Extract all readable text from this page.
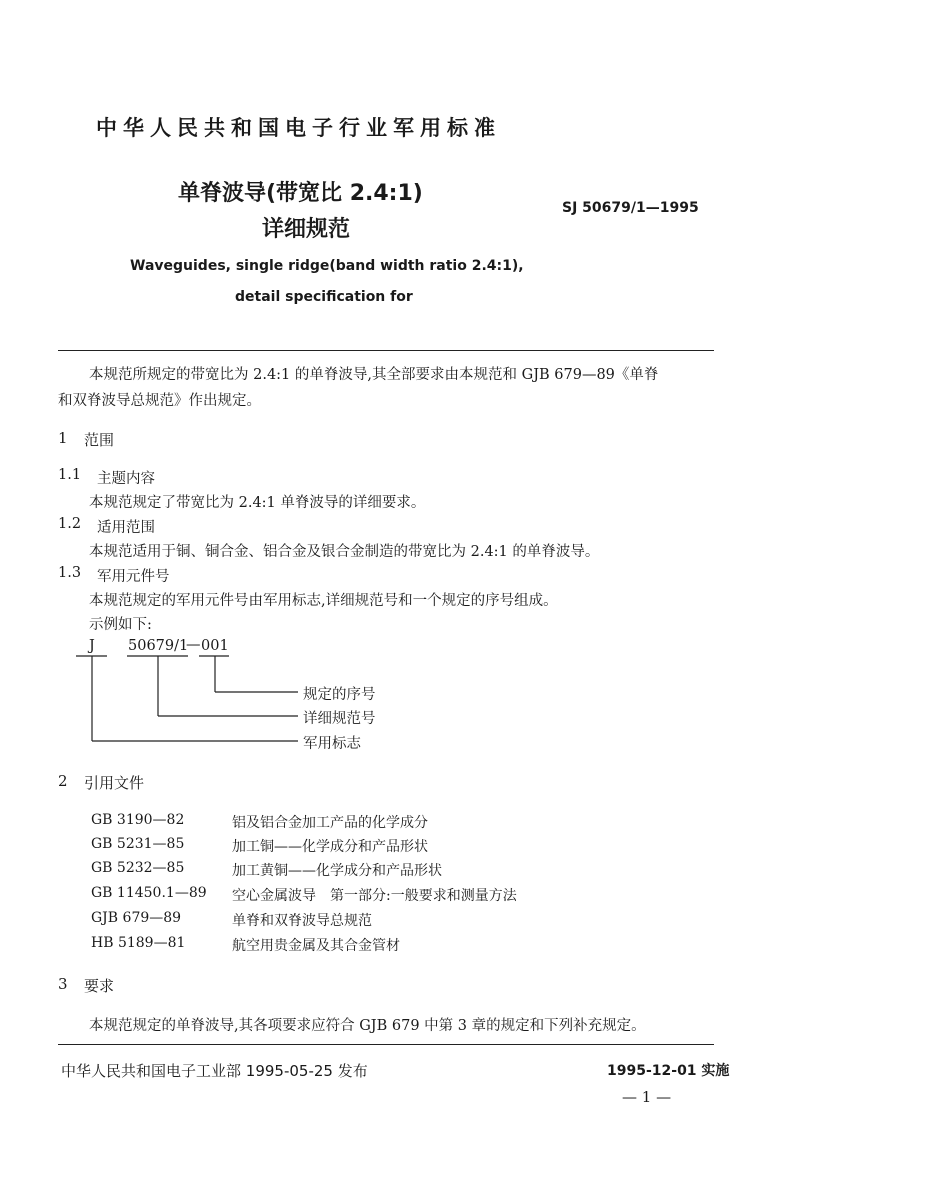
中华人民共和国电子行业军用标准
单脊波导(带宽比 2.4:1)
详细规范
SJ 50679/1—1995
Waveguides, single ridge(band width ratio 2.4:1),
detail specification for
本规范所规定的带宽比为 2.4:1 的单脊波导,其全部要求由本规范和 GJB 679—89《单脊
和双脊波导总规范》作出规定。
1 范围
1.1 主题内容
本规范规定了带宽比为 2.4:1 单脊波导的详细要求。
1.2 适用范围
本规范适用于铜、铜合金、铝合金及银合金制造的带宽比为 2.4:1 的单脊波导。
1.3 军用元件号
本规范规定的军用元件号由军用标志,详细规范号和一个规定的序号组成。
示例如下:
J 50679/1 001
—
规定的序号
详细规范号
军用标志
2 引用文件
GB 3190—82	铝及铝合金加工产品的化学成分
GB 5231—85	加工铜——化学成分和产品形状
GB 5232—85	加工黄铜——化学成分和产品形状
GB 11450.1—89 空心金属波导　第一部分:一般要求和测量方法
GJB 679—89	单脊和双脊波导总规范
HB 5189—81	航空用贵金属及其合金管材
3 要求
本规范规定的单脊波导,其各项要求应符合 GJB 679 中第 3 章的规定和下列补充规定。
中华人民共和国电子工业部 1995-05-25 发布	1995-12-01 实施
— 1 —
